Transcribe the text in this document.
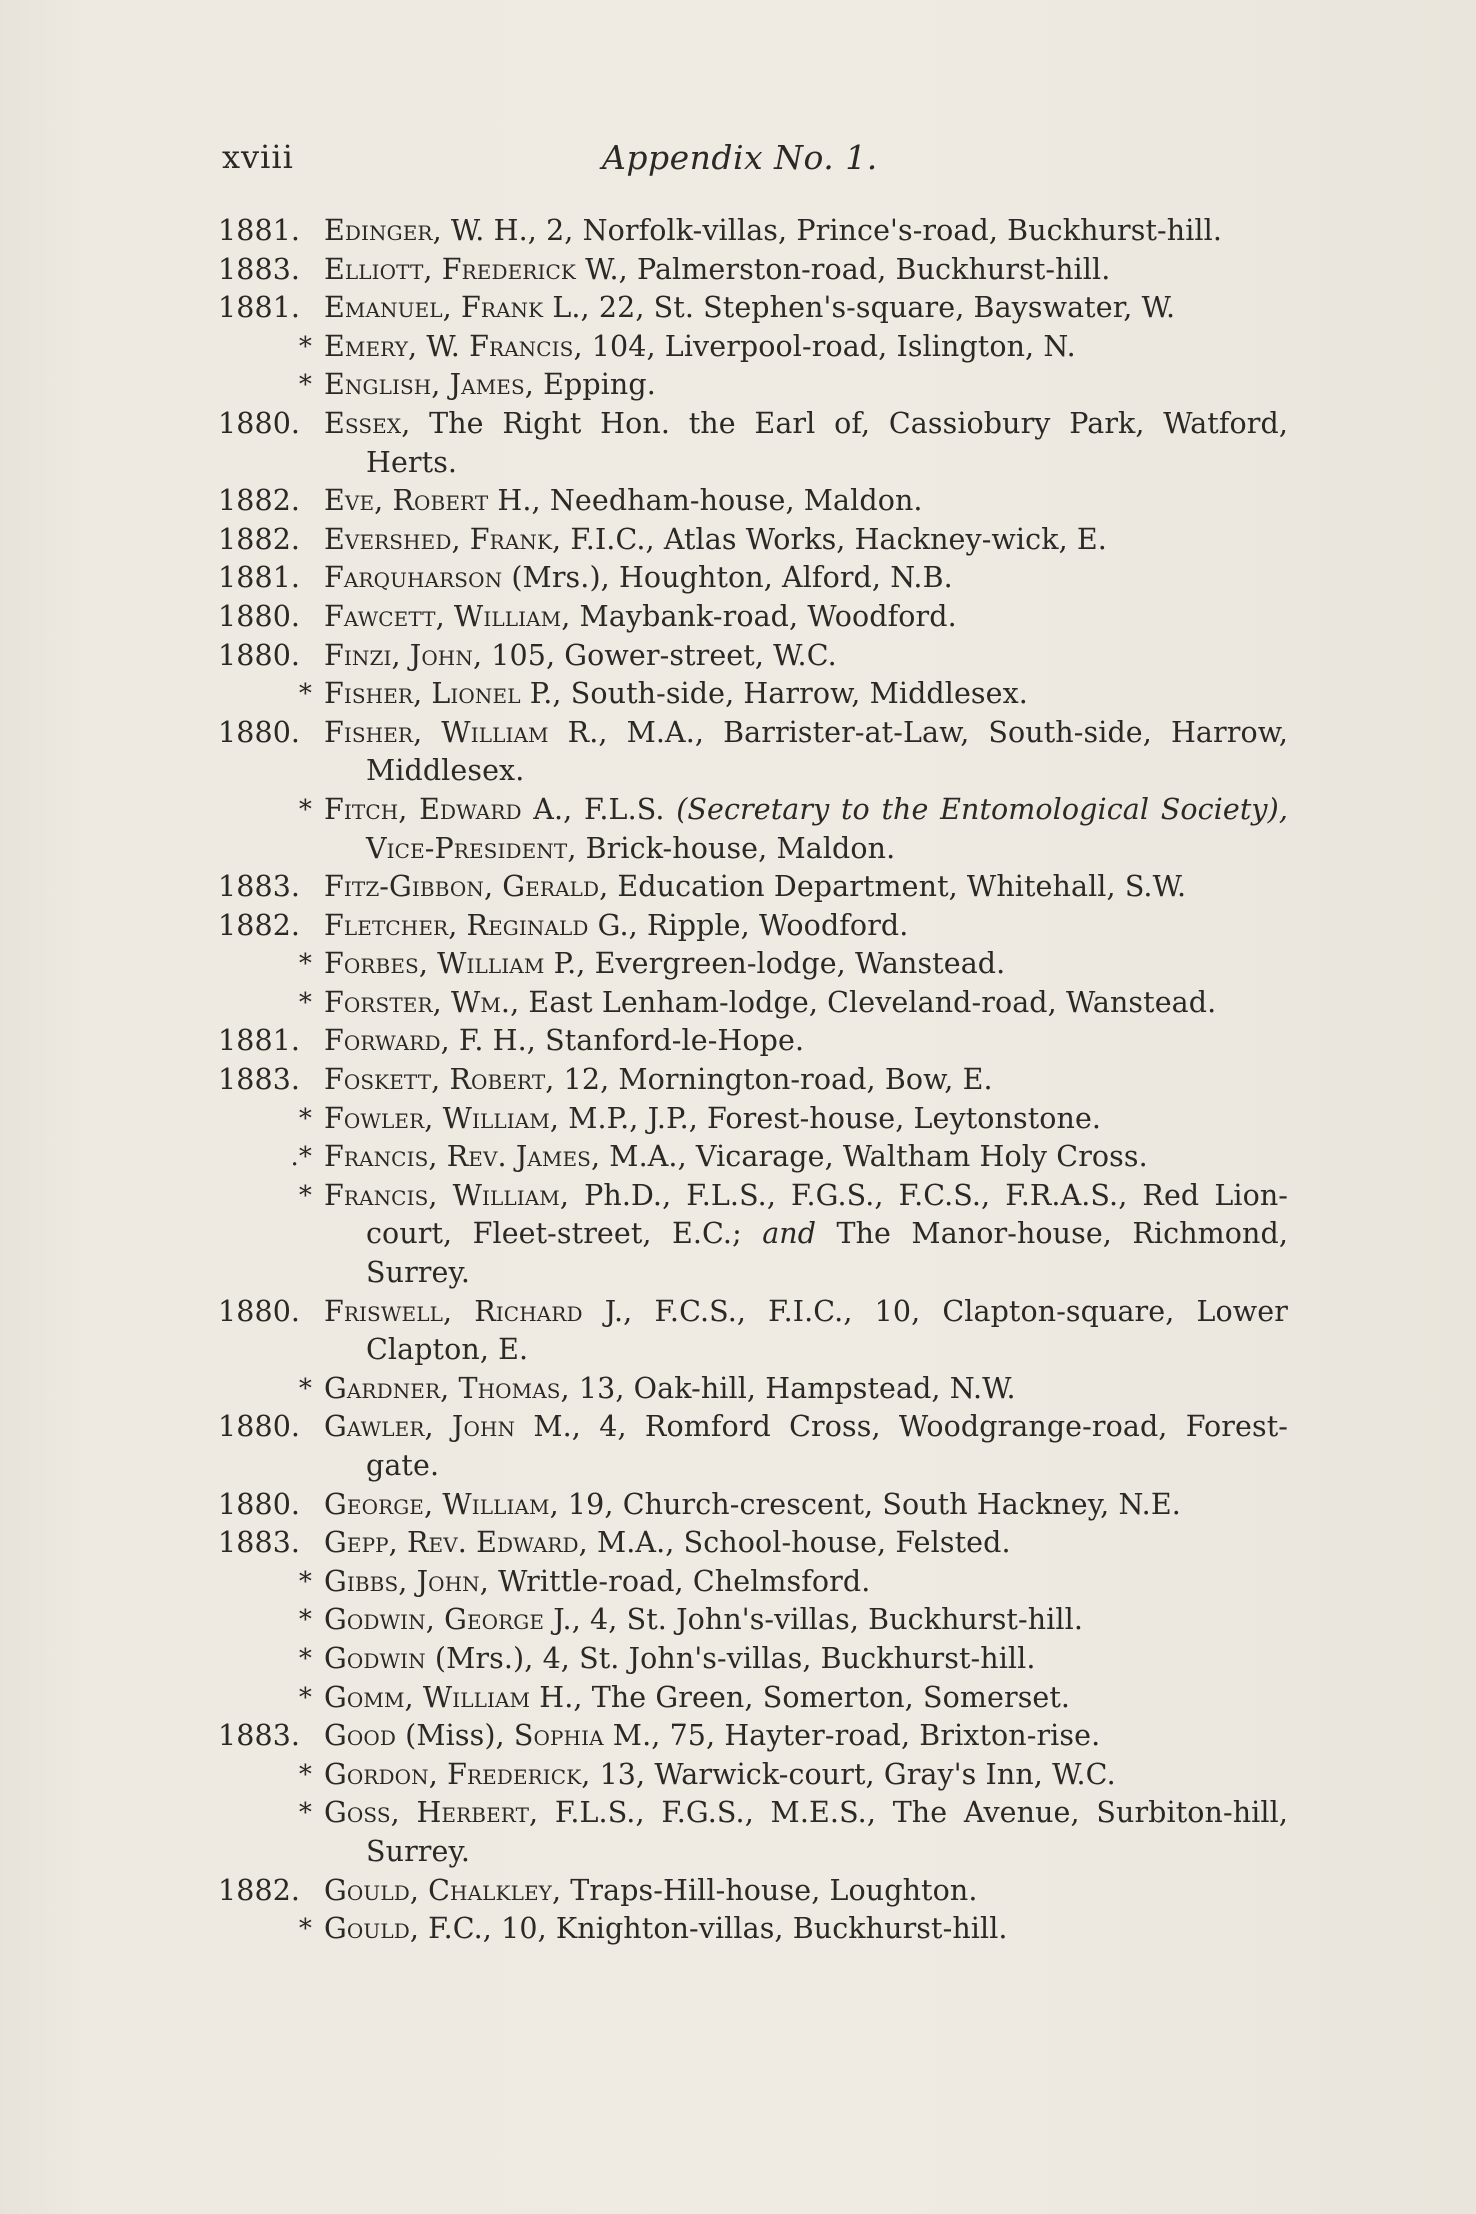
xviii	Appendix No. 1.
1881. Edinger, W. H., 2, Norfolk-villas, Prince's-road, Buckhurst-hill.
1883. Elliott, Frederick W., Palmerston-road, Buckhurst-hill.
1881. Emanuel, Frank L., 22, St. Stephen's-square, Bayswater, W.
* Emery, W. Francis, 104, Liverpool-road, Islington, N.
* English, James, Epping.
1880. Essex, The Right Hon. the Earl of, Cassiobury Park, Watford, Herts.
1882. Eve, Robert H., Needham-house, Maldon.
1882. Evershed, Frank, F.I.C., Atlas Works, Hackney-wick, E.
1881. Farquharson (Mrs.), Houghton, Alford, N.B.
1880. Fawcett, William, Maybank-road, Woodford.
1880. Finzi, John, 105, Gower-street, W.C.
* Fisher, Lionel P., South-side, Harrow, Middlesex.
1880. Fisher, William R., M.A., Barrister-at-Law, South-side, Harrow, Middlesex.
* Fitch, Edward A., F.L.S. (Secretary to the Entomological Society), Vice-President, Brick-house, Maldon.
1883. Fitz-Gibbon, Gerald, Education Department, Whitehall, S.W.
1882. Fletcher, Reginald G., Ripple, Woodford.
* Forbes, William P., Evergreen-lodge, Wanstead.
* Forster, Wm., East Lenham-lodge, Cleveland-road, Wanstead.
1881. Forward, F. H., Stanford-le-Hope.
1883. Foskett, Robert, 12, Mornington-road, Bow, E.
* Fowler, William, M.P., J.P., Forest-house, Leytonstone.
.* Francis, Rev. James, M.A., Vicarage, Waltham Holy Cross.
* Francis, William, Ph.D., F.L.S., F.G.S., F.C.S., F.R.A.S., Red Lion-court, Fleet-street, E.C.; and The Manor-house, Richmond, Surrey.
1880. Friswell, Richard J., F.C.S., F.I.C., 10, Clapton-square, Lower Clapton, E.
* Gardner, Thomas, 13, Oak-hill, Hampstead, N.W.
1880. Gawler, John M., 4, Romford Cross, Woodgrange-road, Forest-gate.
1880. George, William, 19, Church-crescent, South Hackney, N.E.
1883. Gepp, Rev. Edward, M.A., School-house, Felsted.
* Gibbs, John, Writtle-road, Chelmsford.
* Godwin, George J., 4, St. John's-villas, Buckhurst-hill.
* Godwin (Mrs.), 4, St. John's-villas, Buckhurst-hill.
* Gomm, William H., The Green, Somerton, Somerset.
1883. Good (Miss), Sophia M., 75, Hayter-road, Brixton-rise.
* Gordon, Frederick, 13, Warwick-court, Gray's Inn, W.C.
* Goss, Herbert, F.L.S., F.G.S., M.E.S., The Avenue, Surbiton-hill, Surrey.
1882. Gould, Chalkley, Traps-Hill-house, Loughton.
* Gould, F.C., 10, Knighton-villas, Buckhurst-hill.
